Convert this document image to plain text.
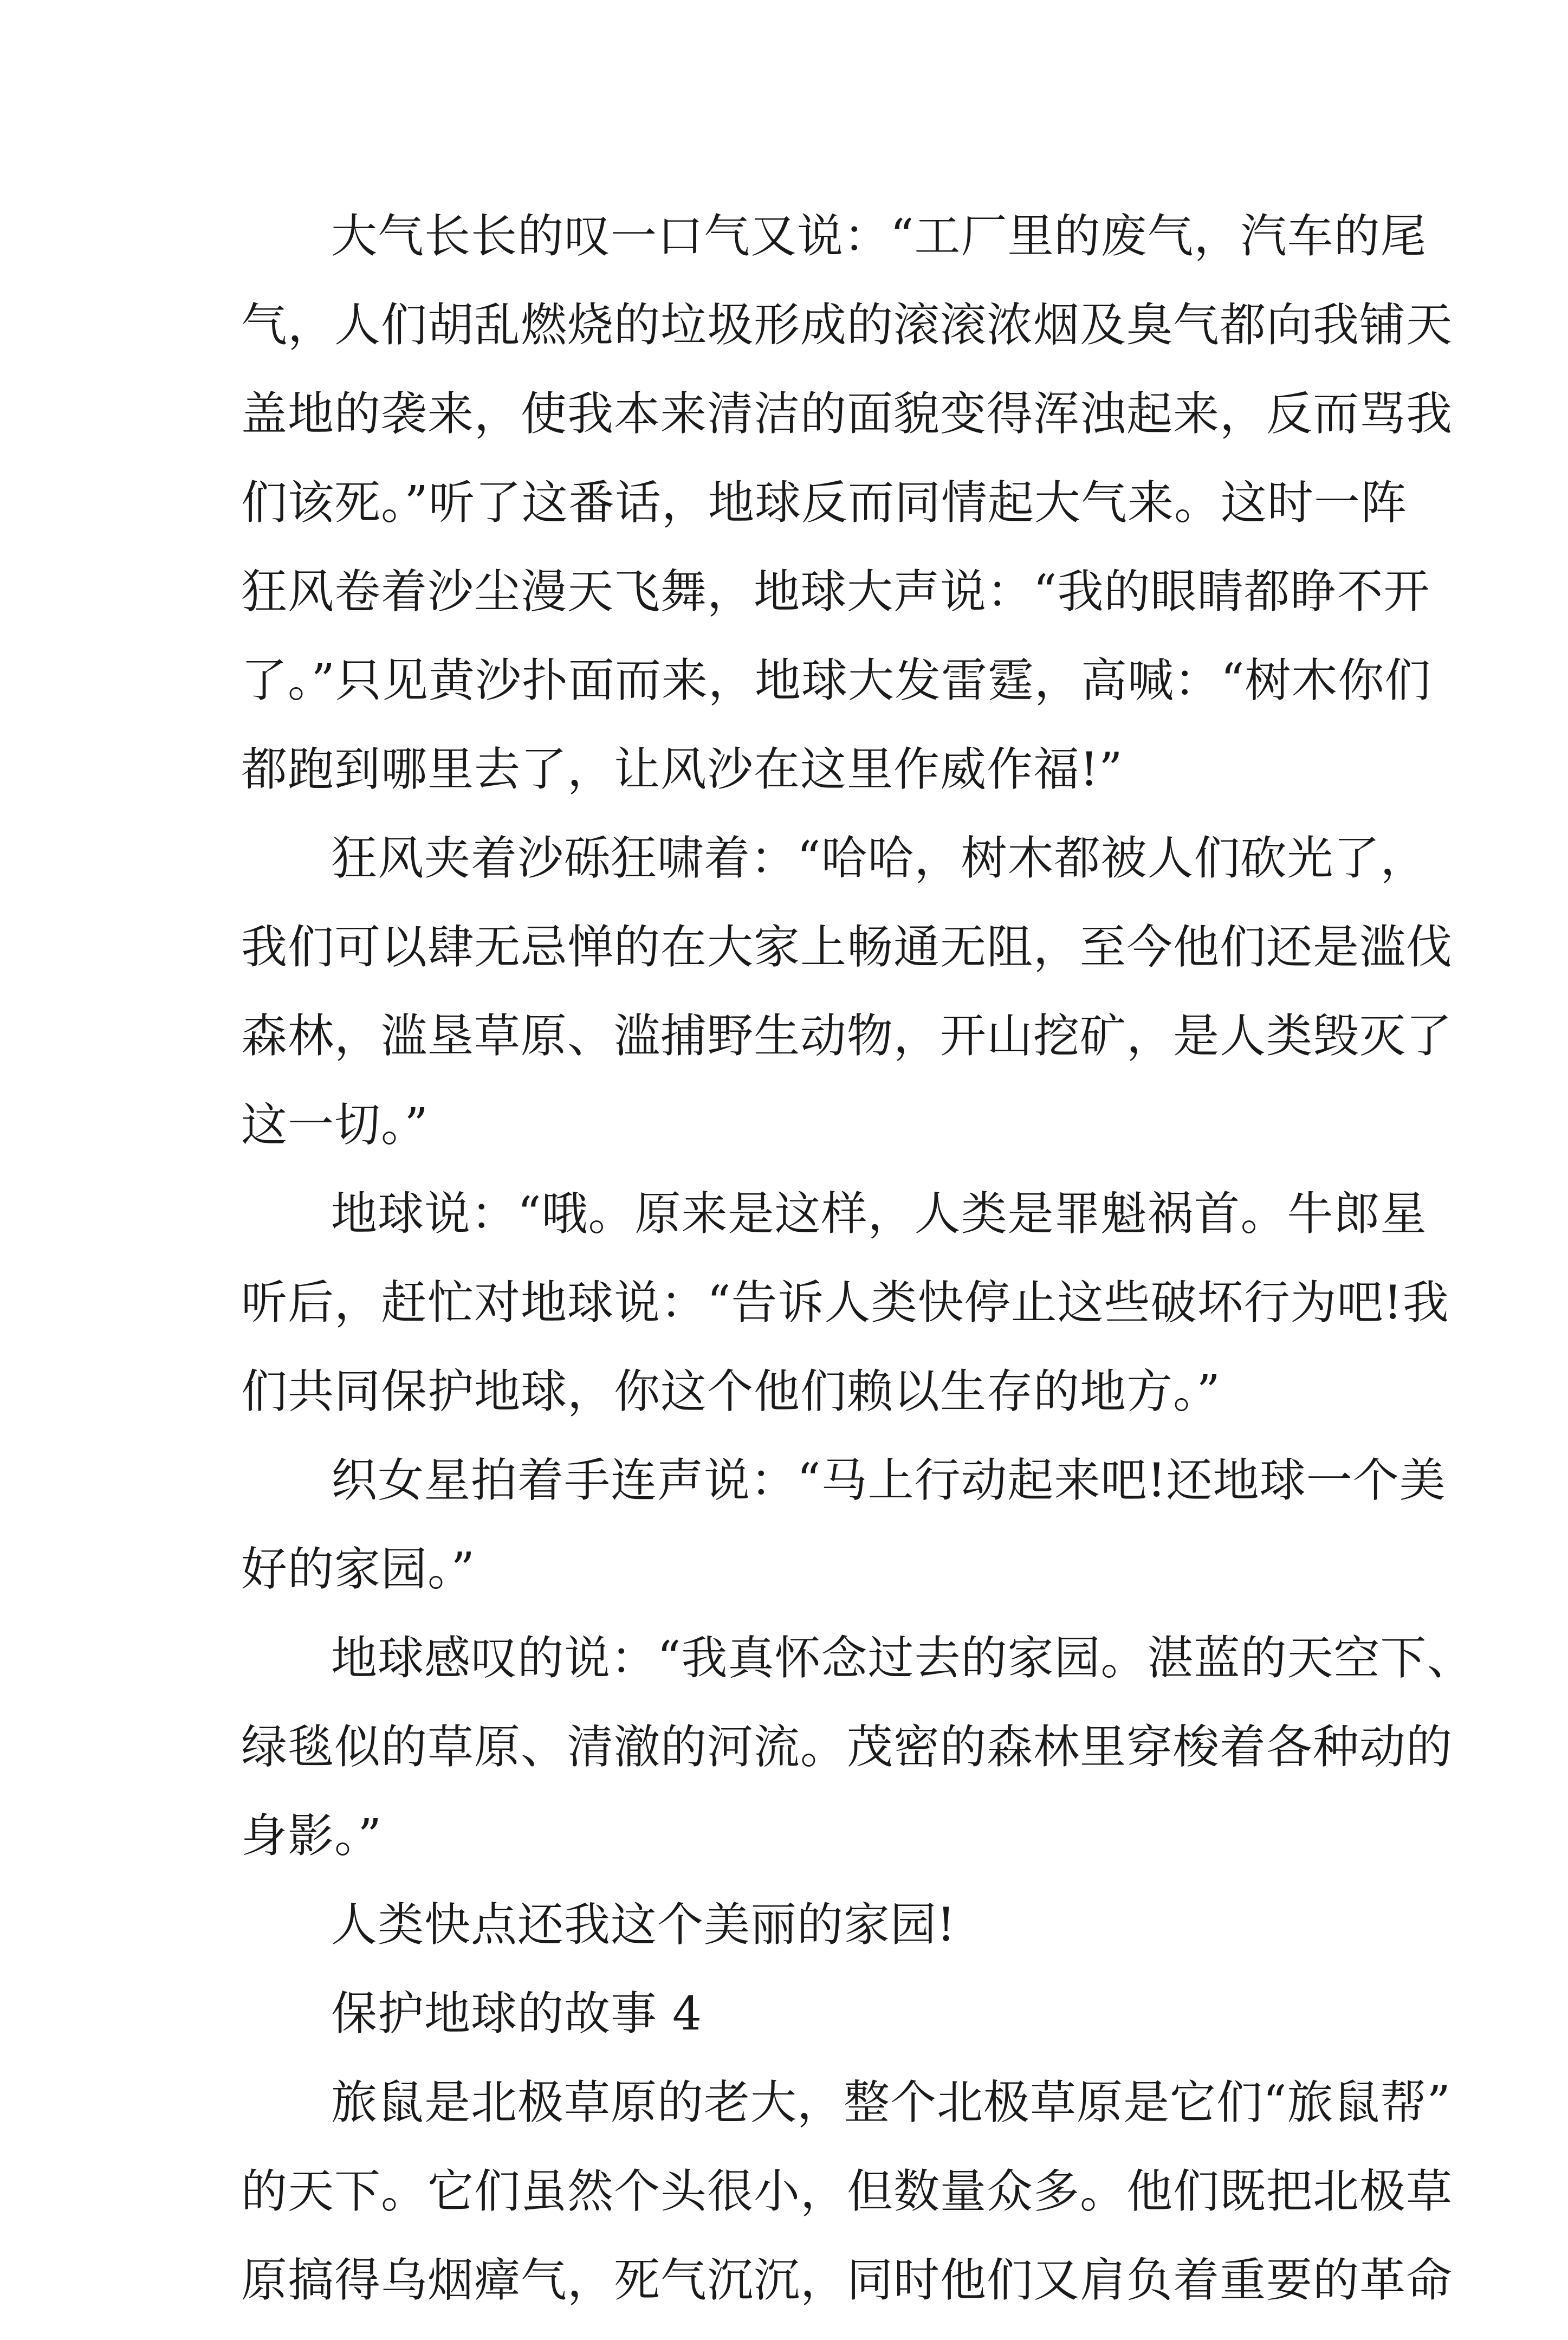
大气长长的叹一口气又说：“工厂里的废气，汽车的尾
气，人们胡乱燃烧的垃圾形成的滚滚浓烟及臭气都向我铺天
盖地的袭来，使我本来清洁的面貌变得浑浊起来，反而骂我
们该死。”听了这番话，地球反而同情起大气来。这时一阵
狂风卷着沙尘漫天飞舞，地球大声说：“我的眼睛都睁不开
了。”只见黄沙扑面而来，地球大发雷霆，高喊：“树木你们
都跑到哪里去了，让风沙在这里作威作福!”
狂风夹着沙砾狂啸着：“哈哈，树木都被人们砍光了，
我们可以肆无忌惮的在大家上畅通无阻，至今他们还是滥伐
森林，滥垦草原、滥捕野生动物，开山挖矿，是人类毁灭了
这一切。”
地球说：“哦。原来是这样，人类是罪魁祸首。牛郎星
听后，赶忙对地球说：“告诉人类快停止这些破坏行为吧!我
们共同保护地球，你这个他们赖以生存的地方。”
织女星拍着手连声说：“马上行动起来吧!还地球一个美
好的家园。”
地球感叹的说：“我真怀念过去的家园。湛蓝的天空下、
绿毯似的草原、清澈的河流。茂密的森林里穿梭着各种动的
身影。”
人类快点还我这个美丽的家园!
保护地球的故事 4
旅鼠是北极草原的老大，整个北极草原是它们“旅鼠帮”
的天下。它们虽然个头很小，但数量众多。他们既把北极草
原搞得乌烟瘴气，死气沉沉，同时他们又肩负着重要的革命
